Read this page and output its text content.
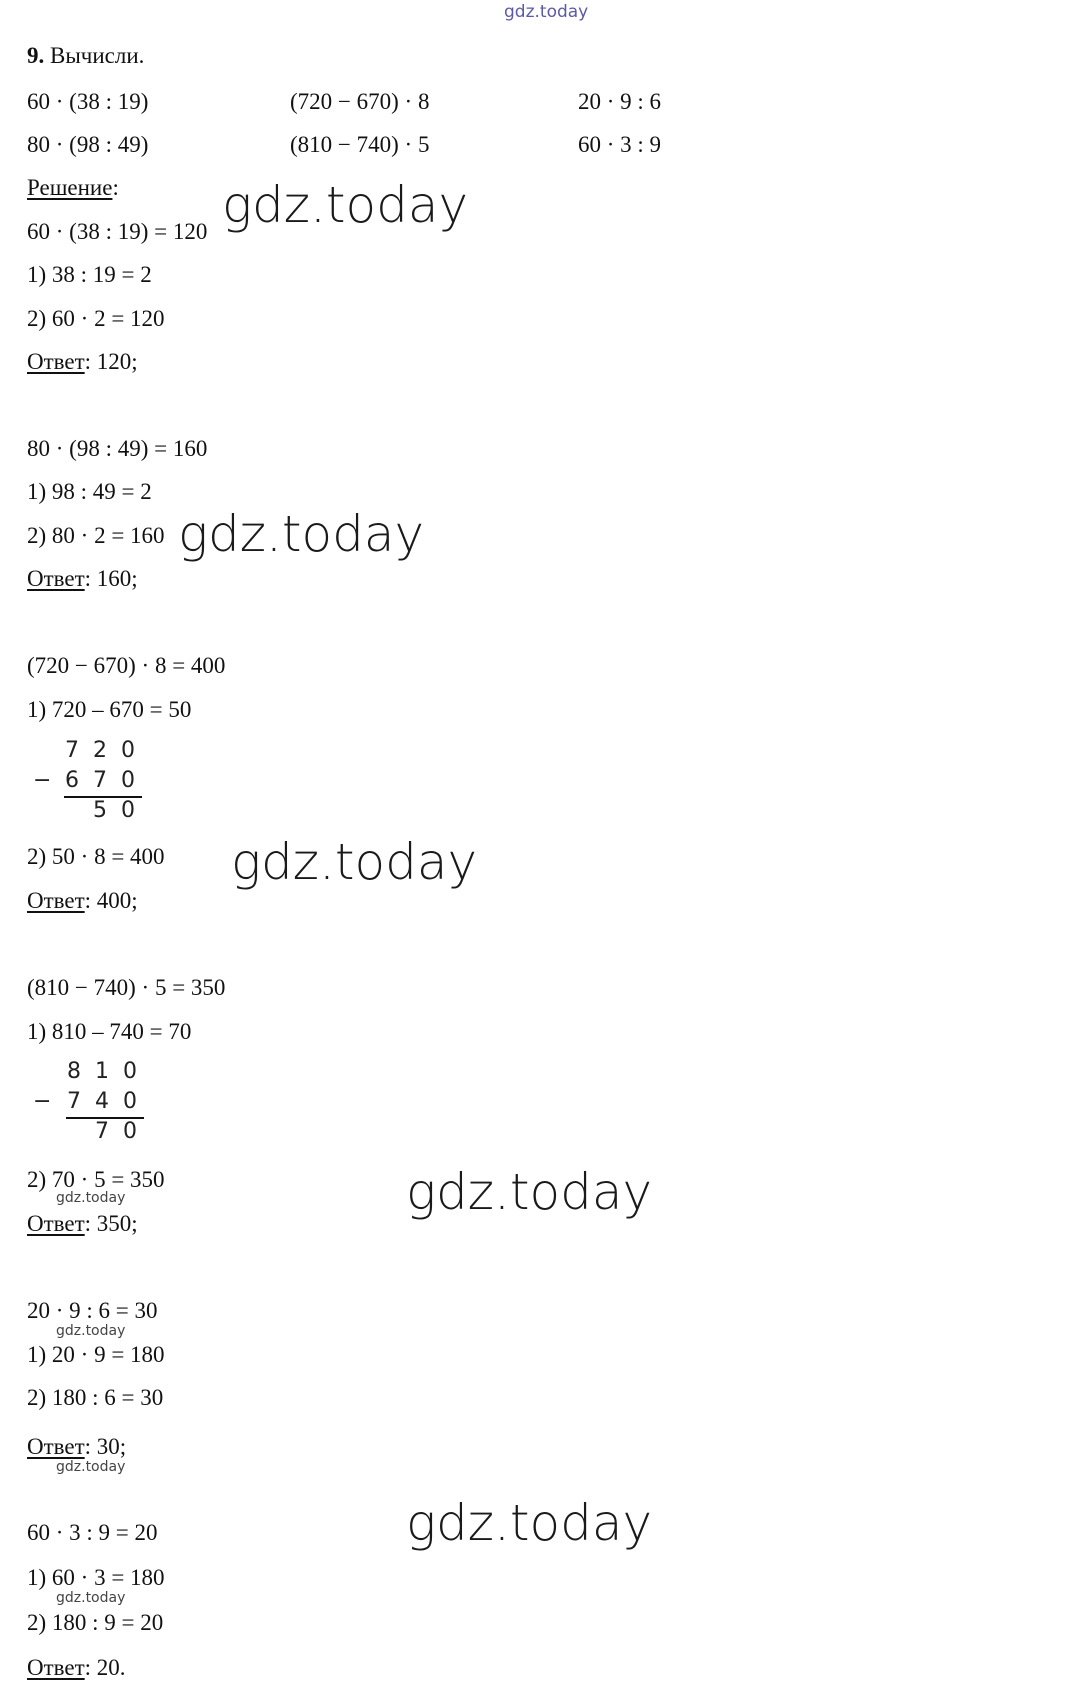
gdz.today
9. Вычисли.
60 · (38 : 19)	(720 − 670) · 8	20 · 9 : 6
80 · (98 : 49)	(810 − 740) · 5	60 · 3 : 9
Решение:
60 · (38 : 19) = 120
1) 38 : 19 = 2
2) 60 · 2 = 120
Ответ: 120;
gdz.today
80 · (98 : 49) = 160
1) 98 : 49 = 2
2) 80 · 2 = 160
Ответ: 160;
gdz.today
(720 − 670) · 8 = 400
1) 720 – 670 = 50
7 2 0
− 6 7 0
5 0
2) 50 · 8 = 400
Ответ: 400;
gdz.today
(810 − 740) · 5 = 350
1) 810 – 740 = 70
8 1 0
− 7 4 0
7 0
2) 70 · 5 = 350
gdz.today
Ответ: 350;
gdz.today
20 · 9 : 6 = 30
gdz.today
1) 20 · 9 = 180
2) 180 : 6 = 30
Ответ: 30;
gdz.today
60 · 3 : 9 = 20	gdz.today
1) 60 · 3 = 180
gdz.today
2) 180 : 9 = 20
Ответ: 20.
